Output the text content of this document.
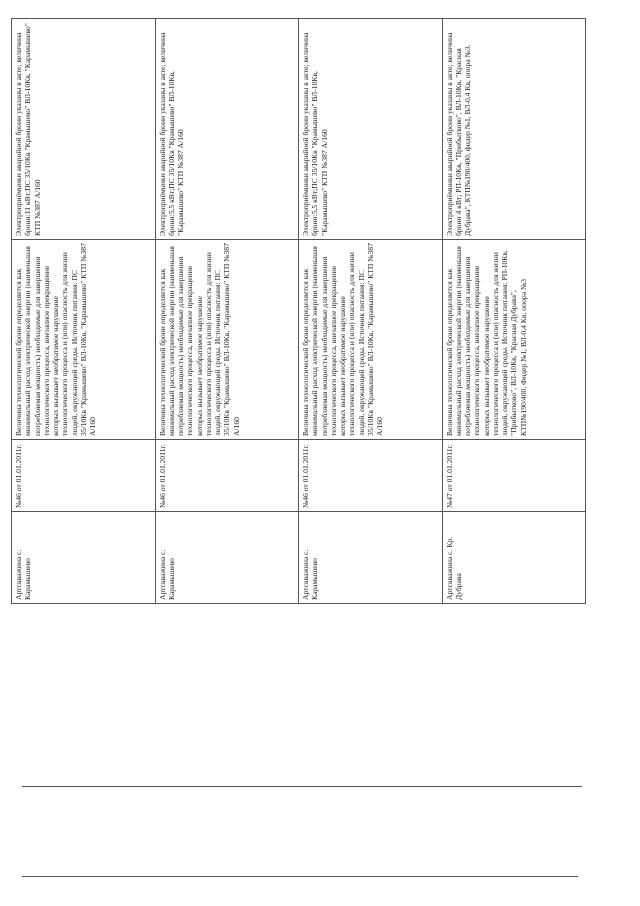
Артскважина с. Карамышево	№46 от 01.01.2011г.	Величина технологической брони определяется как минимальный расход электрической энергии (наименьшая потребляемая мощность) необходимые для завершения технологического процесса, внезапное прекращение которых вызывает необратимое нарушение технологического процесса и (или) опасность для жизни людей, окружающей среды. Источник питания: ПС 35/10Кв "Крамышево" ВЛ-10Кв, "Карамышево" КТП №387 А/160	Электроприёмники аварийной брони указаны в акте; величина брони:11 кВт;ПС 35/10Кв "Крамышево" ВЛ-10Кв, "Карамышево" КТП №387 А/160
Артскважина с. Карамышево	№46 от 01.01.2011г.	Величина технологической брони определяется как минимальный расход электрической энергии (наименьшая потребляемая мощность) необходимые для завершения технологического процесса, внезапное прекращение которых вызывает необратимое нарушение технологического процесса и (или) опасность для жизни людей, окружающей среды. Источник питания: ПС 35/10Кв "Крамышево" ВЛ-10Кв, "Карамышево" КТП №387 А/160	Электроприёмники аварийной брони указаны в акте; величина брони:5,5 кВт;ПС 35/10Кв "Крамышево" ВЛ-10Кв, "Карамышево" КТП №387 А/160
Артскважина с. Карамышево	№46 от 01.01.2011г.	Величина технологической брони определяется как минимальный расход электрической энергии (наименьшая потребляемая мощность) необходимые для завершения технологического процесса, внезапное прекращение которых вызывает необратимое нарушение технологического процесса и (или) опасность для жизни людей, окружающей среды. Источник питания: ПС 35/10Кв "Крамышево" ВЛ-10Кв, "Карамышево" КТП №387 А/160	Электроприёмники аварийной брони указаны в акте; величина брони:5,5 кВт;ПС 35/10Кв "Крамышево" ВЛ-10Кв, "Карамышево" КТП №387 А/160
Артскважина с. Кр. Дубрава	№47 от 01.01.2011г.	Величина технологической брони определяется как минимальный расход электрической энергии (наименьшая потребляемая мощность) необходимые для завершения технологического процесса, внезапное прекращение которых вызывает необратимое нарушение технологического процесса и (или) опасность для жизни людей, окружающей среды. Источник питания: РП-10Кв, "Прибытково", ВЛ-10Кв, "Красная Дубрава", КТП№190/400, Фидер №1, ВЛ-0,4 Кв, опора №3	Электроприёмники аварийной брони указаны в акте; величина брони 4 кВт; РП-10Кв, "Прибытково", ВЛ-10Кв, "Красная Дубрава", КТП№190/400, фидер №1, ВЛ-0,4 Кв, опора №3.
